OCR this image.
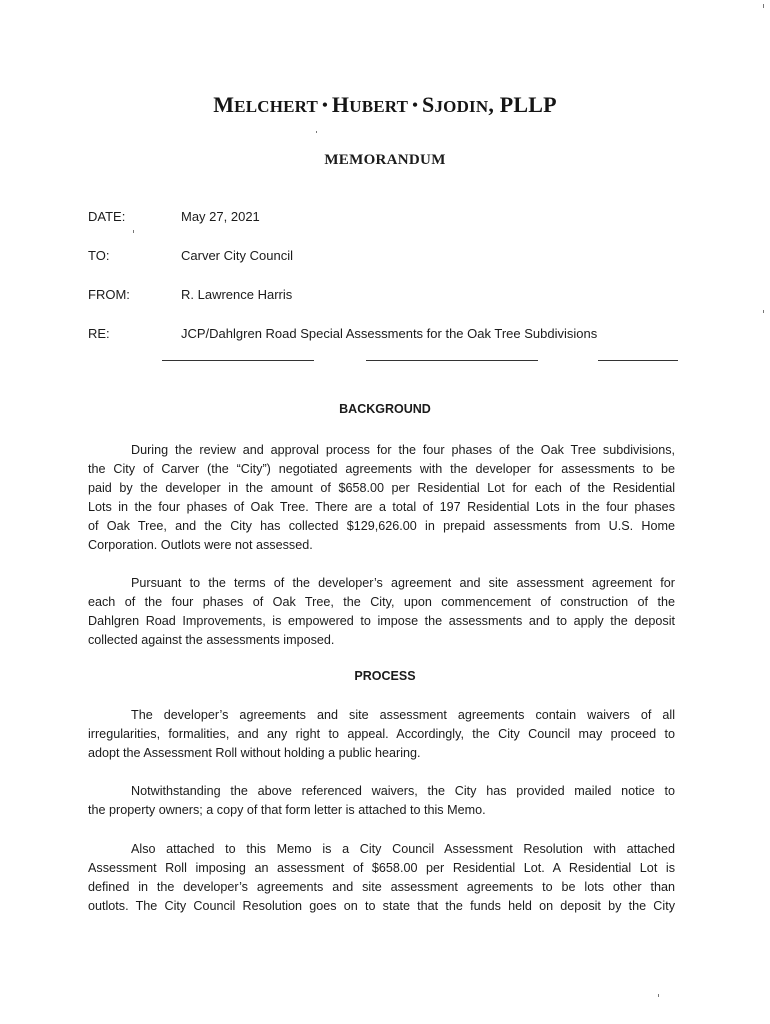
MELCHERT • HUBERT • SJODIN, PLLP
MEMORANDUM
DATE:	May 27, 2021
TO:	Carver City Council
FROM:	R. Lawrence Harris
RE:	JCP/Dahlgren Road Special Assessments for the Oak Tree Subdivisions
BACKGROUND
During the review and approval process for the four phases of the Oak Tree subdivisions,
the City of Carver (the “City”) negotiated agreements with the developer for assessments to be
paid by the developer in the amount of $658.00 per Residential Lot for each of the Residential
Lots in the four phases of Oak Tree. There are a total of 197 Residential Lots in the four phases
of Oak Tree, and the City has collected $129,626.00 in prepaid assessments from U.S. Home
Corporation. Outlots were not assessed.
Pursuant to the terms of the developer’s agreement and site assessment agreement for
each of the four phases of Oak Tree, the City, upon commencement of construction of the
Dahlgren Road Improvements, is empowered to impose the assessments and to apply the deposit
collected against the assessments imposed.
PROCESS
The developer’s agreements and site assessment agreements contain waivers of all
irregularities, formalities, and any right to appeal. Accordingly, the City Council may proceed to
adopt the Assessment Roll without holding a public hearing.
Notwithstanding the above referenced waivers, the City has provided mailed notice to
the property owners; a copy of that form letter is attached to this Memo.
Also attached to this Memo is a City Council Assessment Resolution with attached
Assessment Roll imposing an assessment of $658.00 per Residential Lot. A Residential Lot is
defined in the developer’s agreements and site assessment agreements to be lots other than
outlots. The City Council Resolution goes on to state that the funds held on deposit by the City
